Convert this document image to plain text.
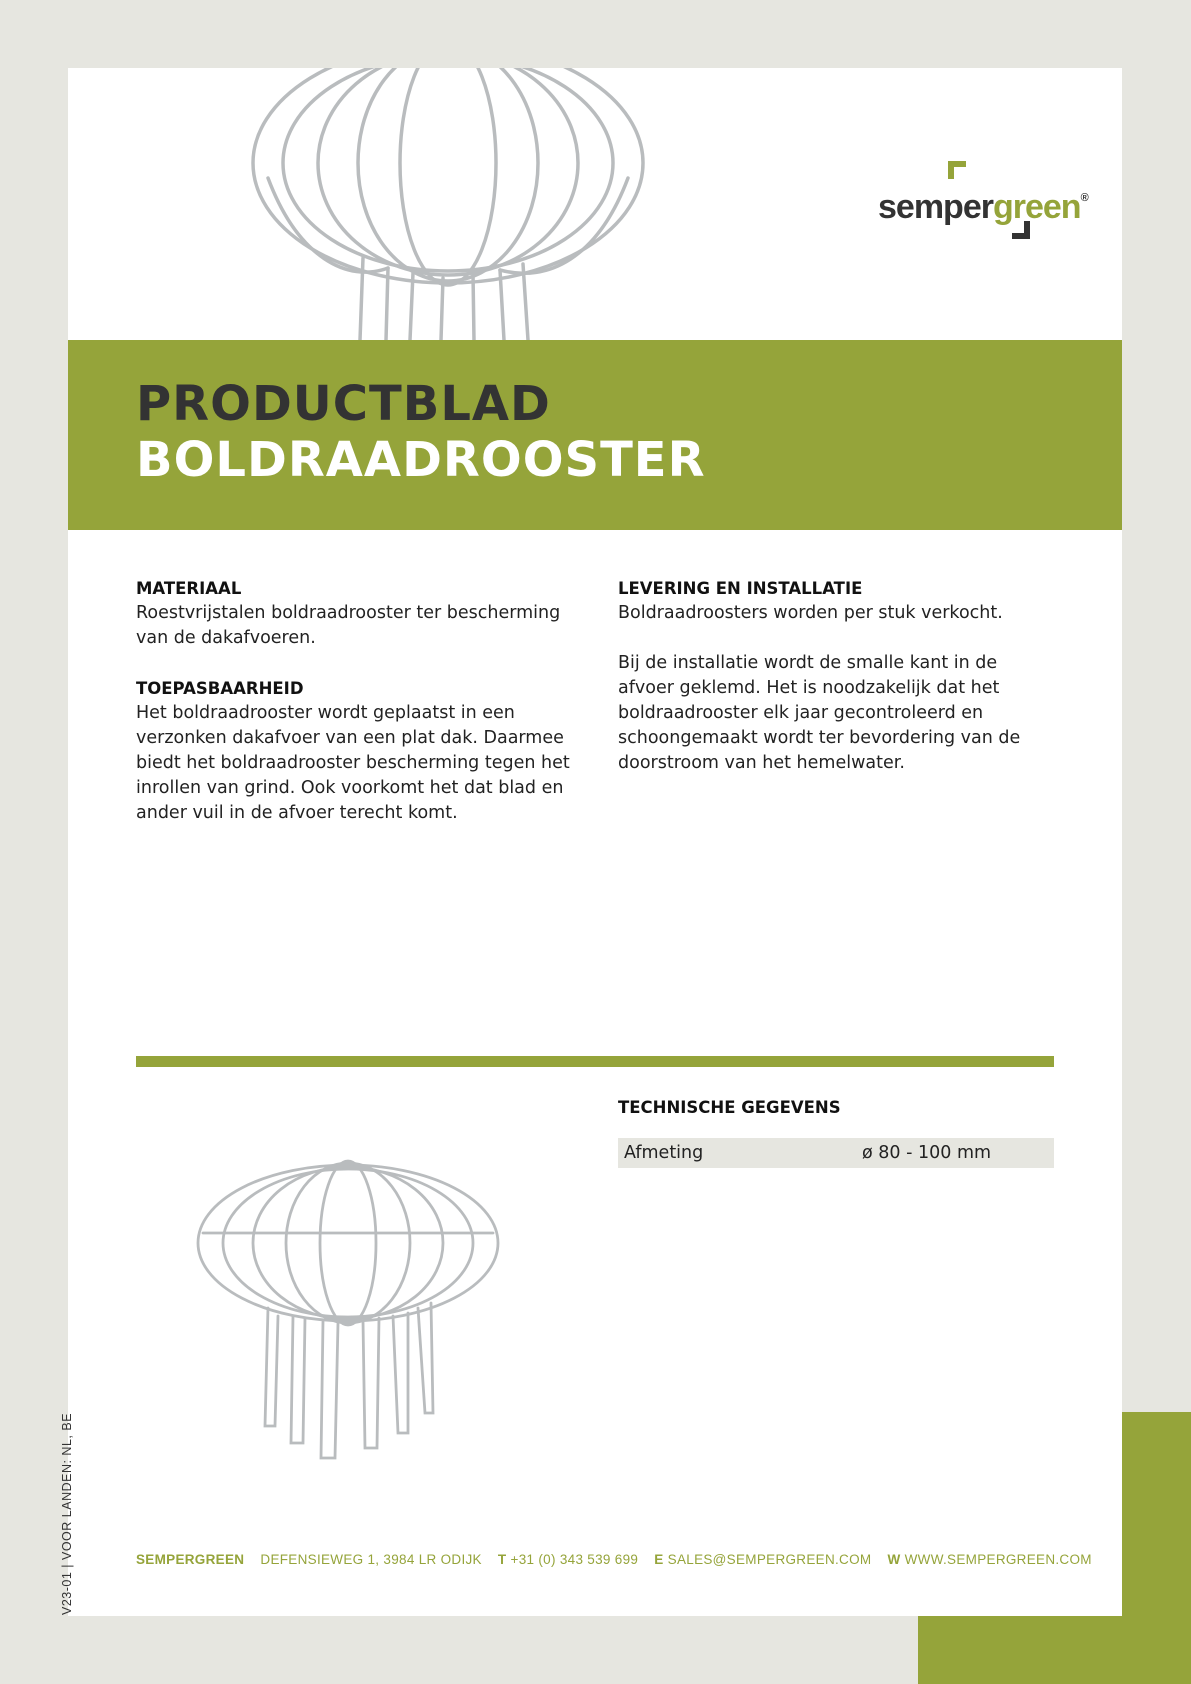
sempergreen®
PRODUCTBLAD
BOLDRAADROOSTER
MATERIAAL

Roestvrijstalen boldraadrooster ter bescherming van de dakafvoeren.

TOEPASBAARHEID

Het boldraadrooster wordt geplaatst in een verzonken dakafvoer van een plat dak. Daarmee biedt het boldraadrooster bescherming tegen het inrollen van grind. Ook voorkomt het dat blad en ander vuil in de afvoer terecht komt.

LEVERING EN INSTALLATIE

Boldraadroosters worden per stuk verkocht.

Bij de installatie wordt de smalle kant in de afvoer geklemd. Het is noodzakelijk dat het boldraadrooster elk jaar gecontroleerd en schoongemaakt wordt ter bevordering van de doorstroom van het hemelwater.

TECHNISCHE GEGEVENS
Afmeting	ø 80 - 100 mm
SEMPERGREEN DEFENSIEWEG 1, 3984 LR ODIJK T +31 (0) 343 539 699 E SALES@SEMPERGREEN.COM W WWW.SEMPERGREEN.COM
V23-01 | VOOR LANDEN: NL, BE
